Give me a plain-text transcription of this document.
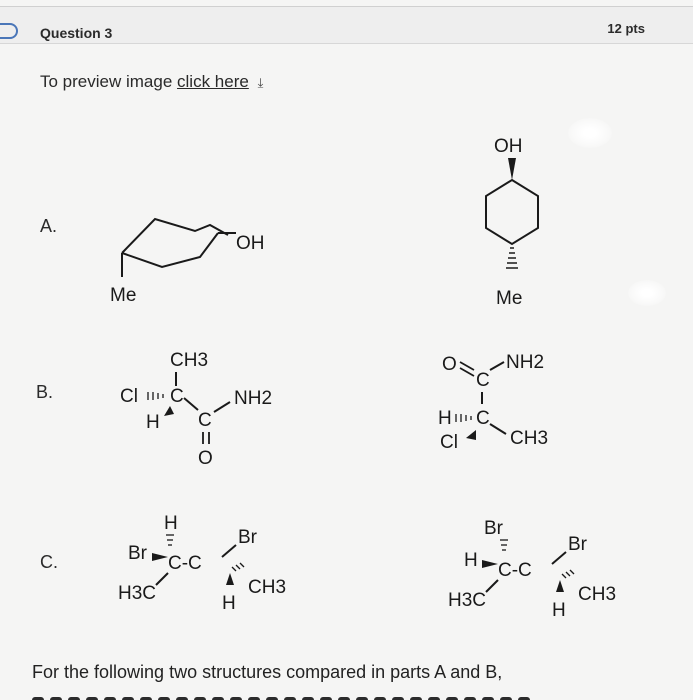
Question 3	12 pts
To preview image click here ⤓
A.
B.
C.
OH
Me
OH
Me
CH3
Cl C
H C
NH2
O
O
C
NH2
H C
Cl	CH3
H
Br C-C
Br
H3C	CH3
H
Br
Br
H C-C
H3C	CH3
H
For the following two structures compared in parts A and B,
